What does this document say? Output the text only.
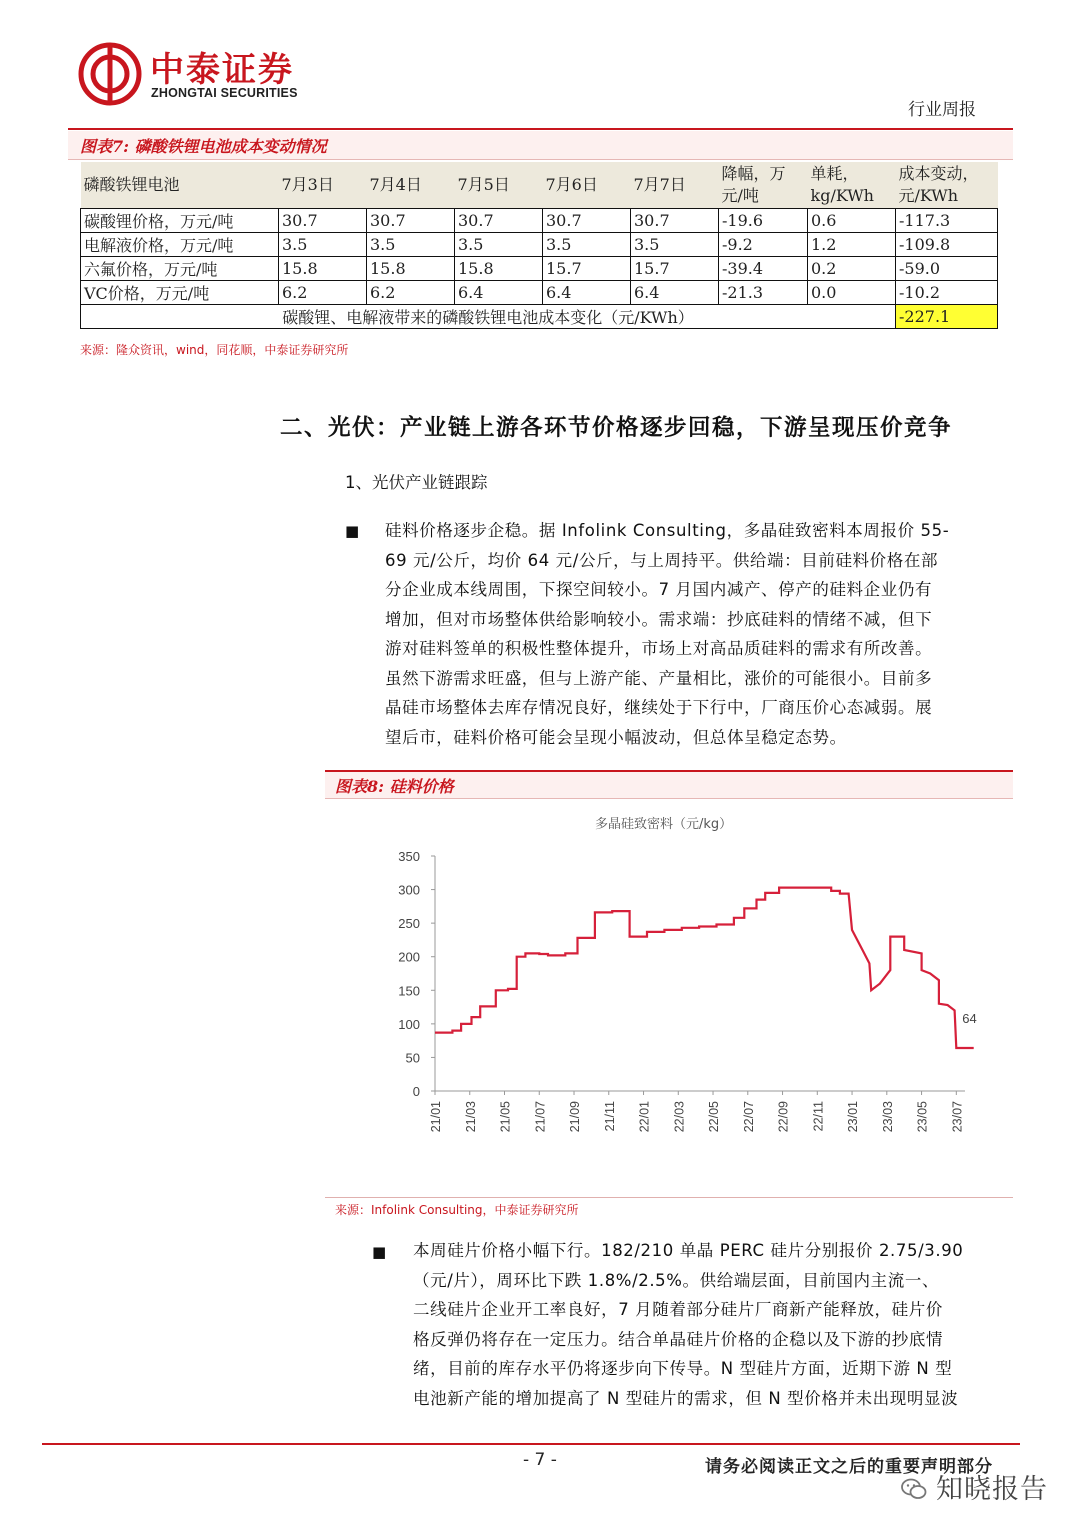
中泰证券
ZHONGTAI SECURITIES
行业周报
图表7: 磷酸铁锂电池成本变动情况
磷酸铁锂电池	7月3日	7月4日	7月5日	7月6日	7月7日	降幅，万元/吨	单耗，kg/KWh	成本变动，元/KWh
碳酸锂价格，万元/吨	30.7	30.7	30.7	30.7	30.7	-19.6	0.6	-117.3
电解液价格，万元/吨	3.5	3.5	3.5	3.5	3.5	-9.2	1.2	-109.8
六氟价格，万元/吨	15.8	15.8	15.8	15.7	15.7	-39.4	0.2	-59.0
VC价格，万元/吨	6.2	6.2	6.4	6.4	6.4	-21.3	0.0	-10.2
碳酸锂、电解液带来的磷酸铁锂电池成本变化（元/KWh）								-227.1
来源：隆众资讯，wind，同花顺，中泰证券研究所
二、光伏：产业链上游各环节价格逐步回稳，下游呈现压价竞争
1、光伏产业链跟踪
■ 硅料价格逐步企稳。据 Infolink Consulting，多晶硅致密料本周报价 55-
69 元/公斤，均价 64 元/公斤，与上周持平。供给端：目前硅料价格在部
分企业成本线周围，下探空间较小。7 月国内减产、停产的硅料企业仍有
增加，但对市场整体供给影响较小。需求端：抄底硅料的情绪不减，但下
游对硅料签单的积极性整体提升，市场上对高品质硅料的需求有所改善。
虽然下游需求旺盛，但与上游产能、产量相比，涨价的可能很小。目前多
晶硅市场整体去库存情况良好，继续处于下行中，厂商压价心态减弱。展
望后市，硅料价格可能会呈现小幅波动，但总体呈稳定态势。
图表8: 硅料价格
多晶硅致密料（元/kg）
0
50
100
150
200
250
300
350
21/01 21/03 21/05 21/07 21/09 21/11 22/01 22/03 22/05 22/07 22/09 22/11 23/01 23/03 23/05 23/07
64
来源：Infolink Consulting，中泰证券研究所
■ 本周硅片价格小幅下行。182/210 单晶 PERC 硅片分别报价 2.75/3.90
（元/片），周环比下跌 1.8%/2.5%。供给端层面，目前国内主流一、
二线硅片企业开工率良好，7 月随着部分硅片厂商新产能释放，硅片价
格反弹仍将存在一定压力。结合单晶硅片价格的企稳以及下游的抄底情
绪，目前的库存水平仍将逐步向下传导。N 型硅片方面，近期下游 N 型
电池新产能的增加提高了 N 型硅片的需求，但 N 型价格并未出现明显波
- 7 -	请务必阅读正文之后的重要声明部分
知晓报告
